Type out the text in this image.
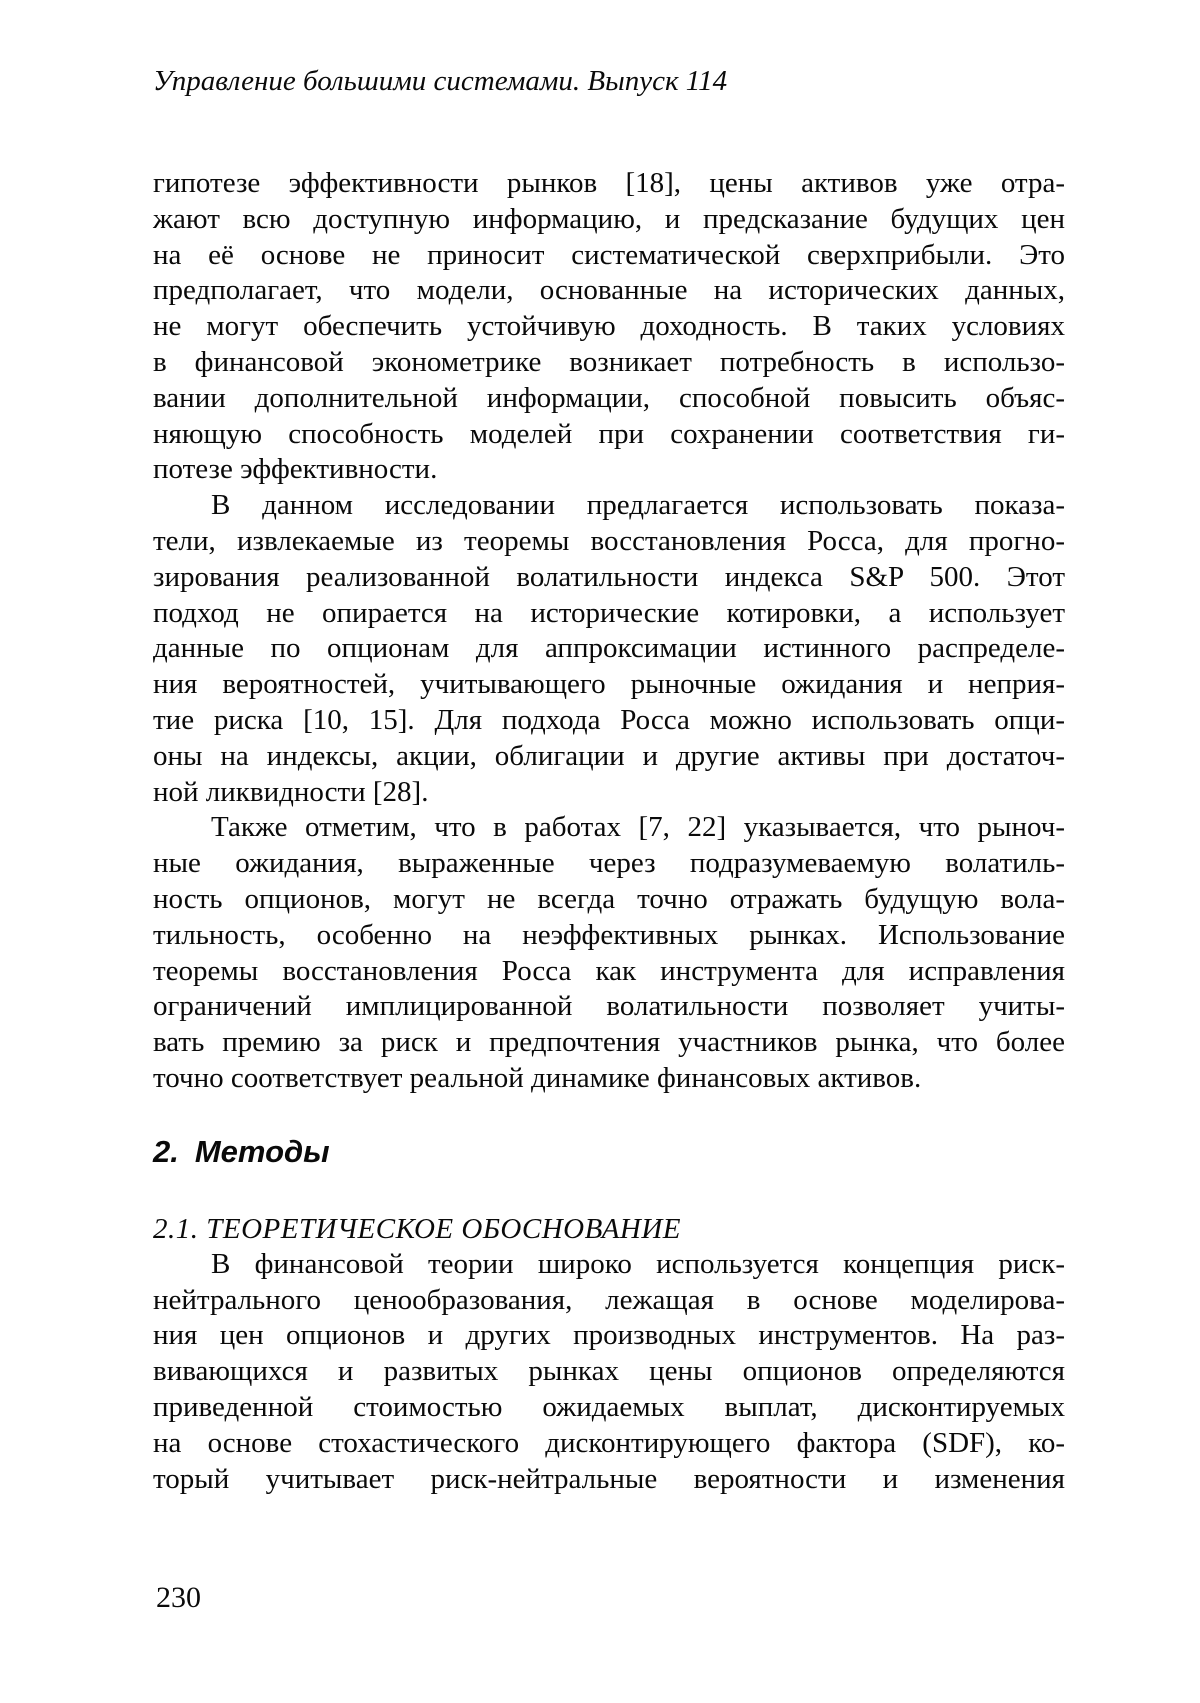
Управление большими системами. Выпуск 114
гипотезе эффективности рынков [18], цены активов уже отра-
жают всю доступную информацию, и предсказание будущих цен
на её основе не приносит систематической сверхприбыли. Это
предполагает, что модели, основанные на исторических данных,
не могут обеспечить устойчивую доходность. В таких условиях
в финансовой эконометрике возникает потребность в использо-
вании дополнительной информации, способной повысить объяс-
няющую способность моделей при сохранении соответствия ги-
потезе эффективности.
В данном исследовании предлагается использовать показа-
тели, извлекаемые из теоремы восстановления Росса, для прогно-
зирования реализованной волатильности индекса S&P 500. Этот
подход не опирается на исторические котировки, а использует
данные по опционам для аппроксимации истинного распределе-
ния вероятностей, учитывающего рыночные ожидания и неприя-
тие риска [10, 15]. Для подхода Росса можно использовать опци-
оны на индексы, акции, облигации и другие активы при достаточ-
ной ликвидности [28].
Также отметим, что в работах [7, 22] указывается, что рыноч-
ные ожидания, выраженные через подразумеваемую волатиль-
ность опционов, могут не всегда точно отражать будущую вола-
тильность, особенно на неэффективных рынках. Использование
теоремы восстановления Росса как инструмента для исправления
ограничений имплицированной волатильности позволяет учиты-
вать премию за риск и предпочтения участников рынка, что более
точно соответствует реальной динамике финансовых активов.
2. Методы
2.1. ТЕОРЕТИЧЕСКОЕ ОБОСНОВАНИЕ
В финансовой теории широко используется концепция риск-
нейтрального ценообразования, лежащая в основе моделирова-
ния цен опционов и других производных инструментов. На раз-
вивающихся и развитых рынках цены опционов определяются
приведенной стоимостью ожидаемых выплат, дисконтируемых
на основе стохастического дисконтирующего фактора (SDF), ко-
торый учитывает риск-нейтральные вероятности и изменения
230
